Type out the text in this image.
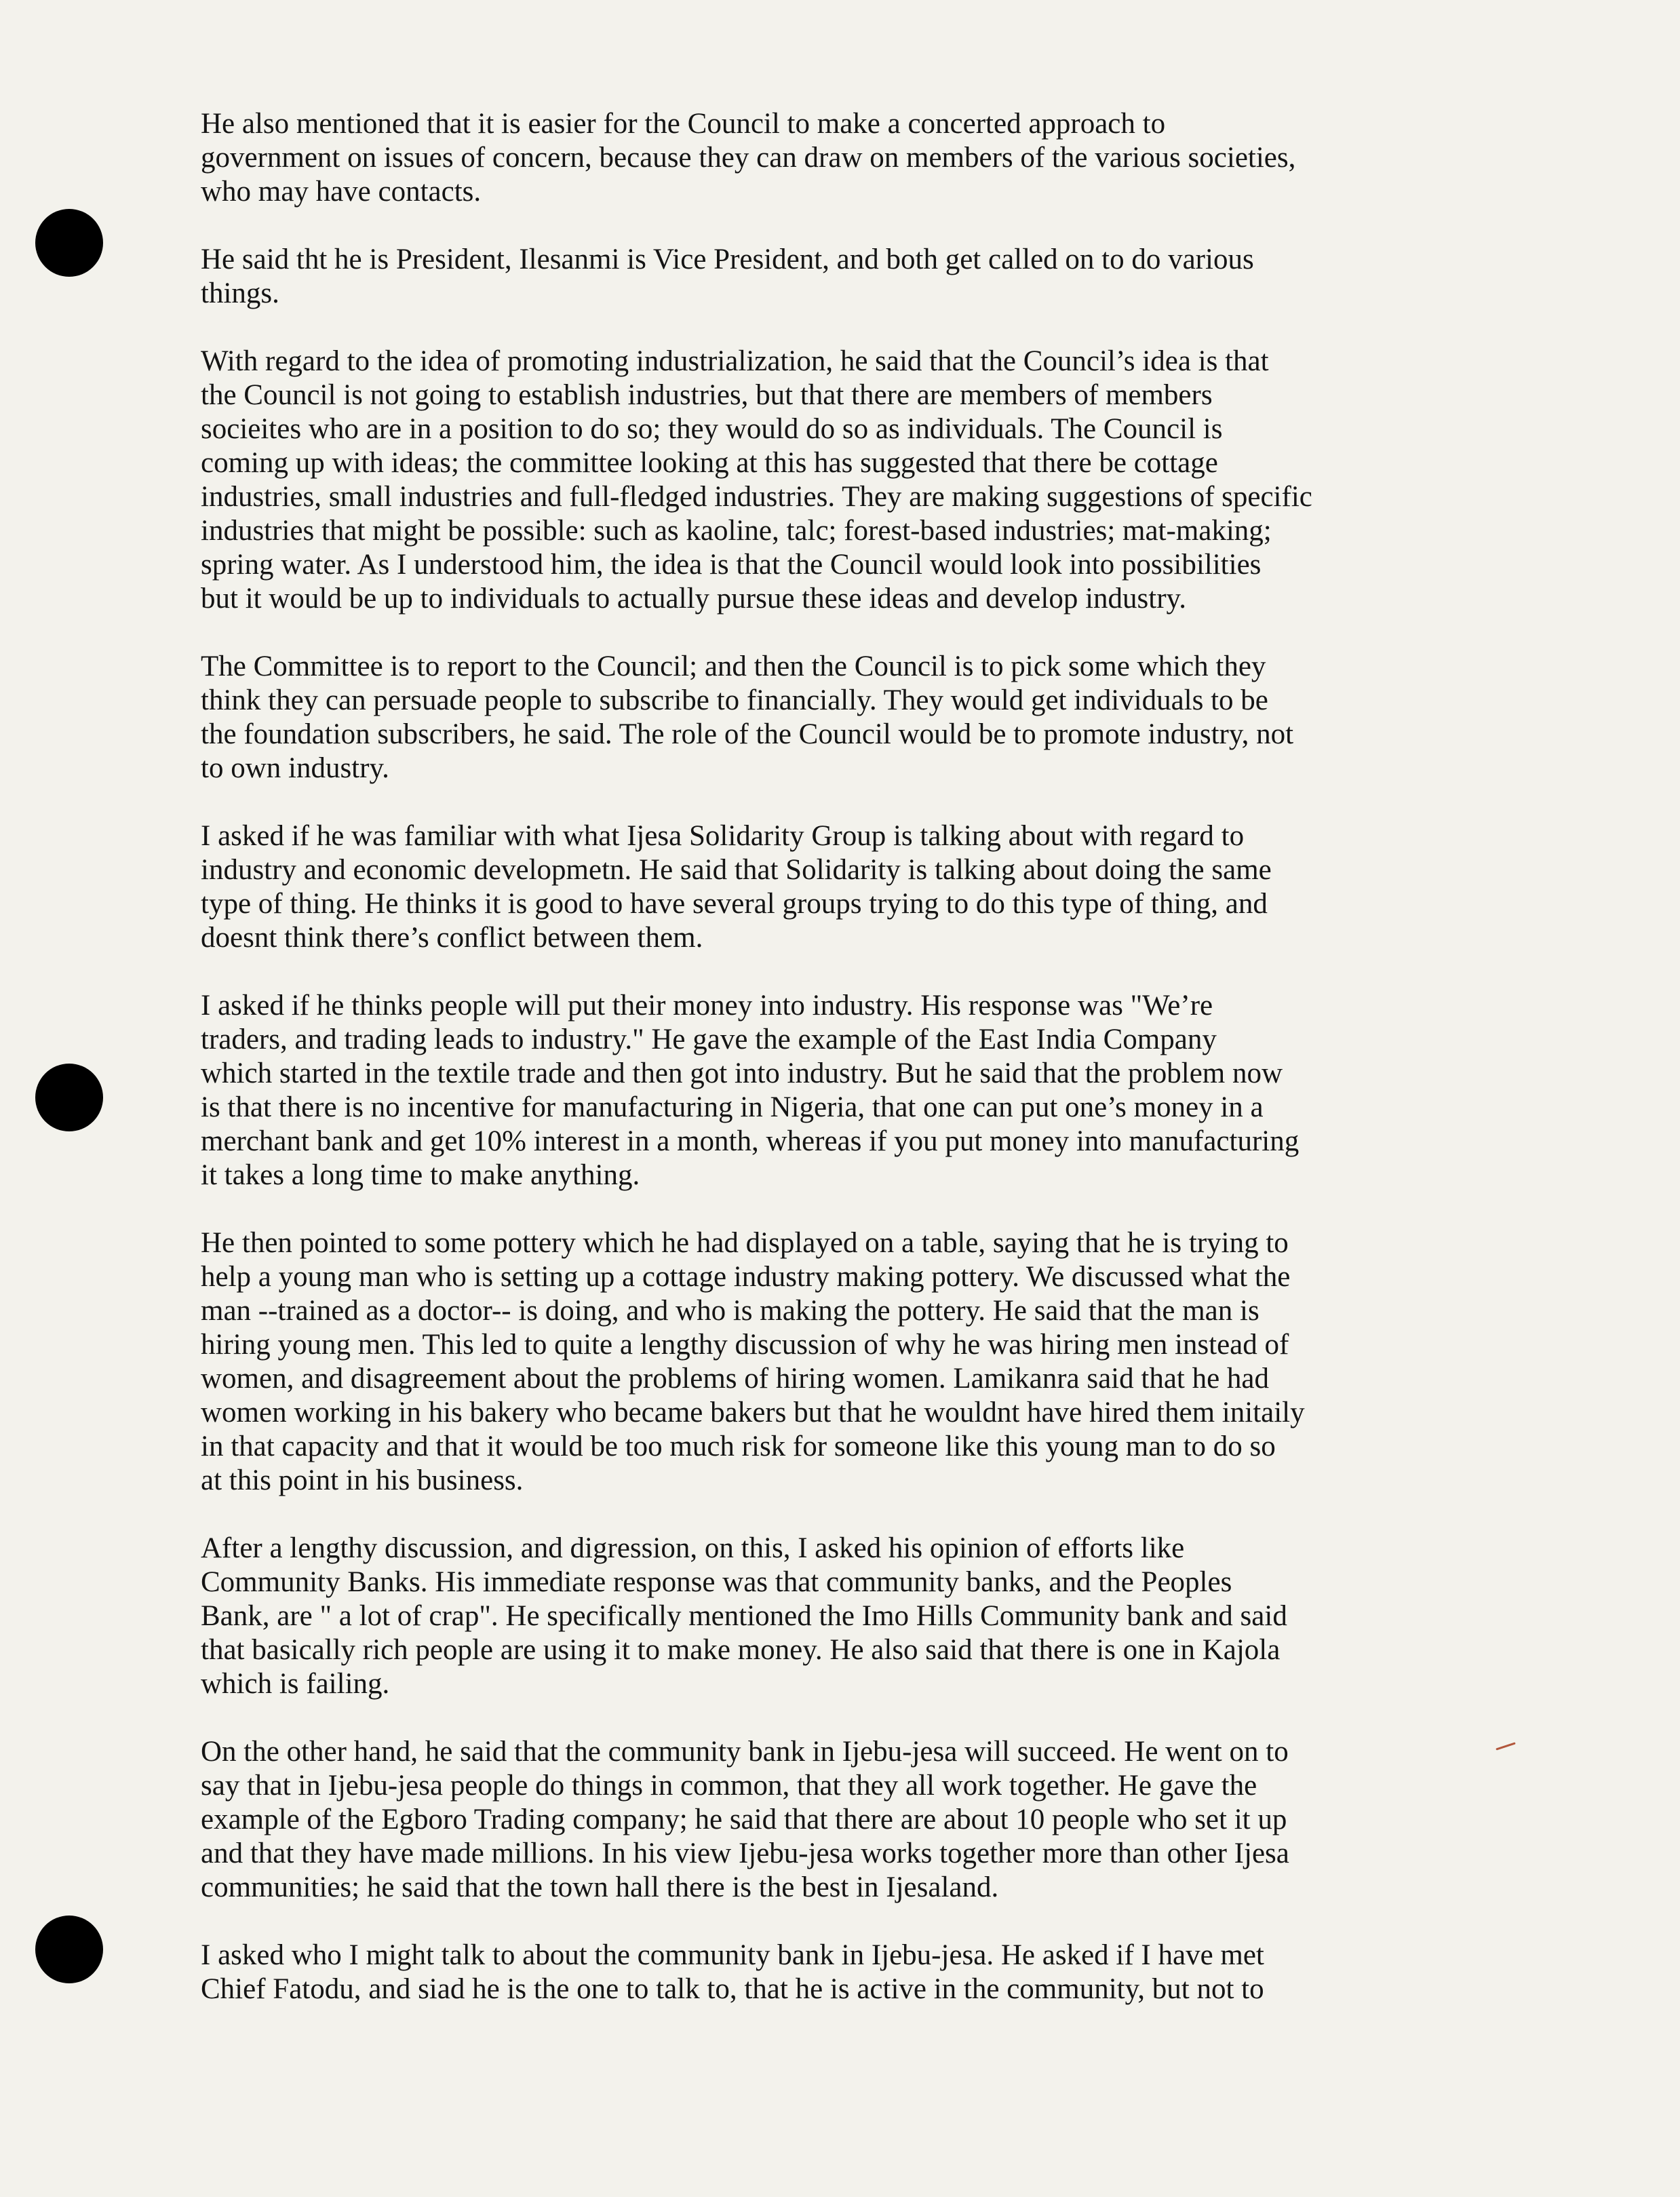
He also mentioned that it is easier for the Council to make a concerted approach to
government on issues of concern, because they can draw on members of the various societies,
who may have contacts.

He said tht he is President, Ilesanmi is Vice President, and both get called on to do various
things.

With regard to the idea of promoting industrialization, he said that the Council’s idea is that
the Council is not going to establish industries, but that there are members of members
socieites who are in a position to do so; they would do so as individuals. The Council is
coming up with ideas; the committee looking at this has suggested that there be cottage
industries, small industries and full-fledged industries. They are making suggestions of specific
industries that might be possible: such as kaoline, talc; forest-based industries; mat-making;
spring water. As I understood him, the idea is that the Council would look into possibilities
but it would be up to individuals to actually pursue these ideas and develop industry.

The Committee is to report to the Council; and then the Council is to pick some which they
think they can persuade people to subscribe to financially. They would get individuals to be
the foundation subscribers, he said. The role of the Council would be to promote industry, not
to own industry.

I asked if he was familiar with what Ijesa Solidarity Group is talking about with regard to
industry and economic developmetn. He said that Solidarity is talking about doing the same
type of thing. He thinks it is good to have several groups trying to do this type of thing, and
doesnt think there’s conflict between them.

I asked if he thinks people will put their money into industry. His response was "We’re
traders, and trading leads to industry." He gave the example of the East India Company
which started in the textile trade and then got into industry. But he said that the problem now
is that there is no incentive for manufacturing in Nigeria, that one can put one’s money in a
merchant bank and get 10% interest in a month, whereas if you put money into manufacturing
it takes a long time to make anything.

He then pointed to some pottery which he had displayed on a table, saying that he is trying to
help a young man who is setting up a cottage industry making pottery. We discussed what the
man --trained as a doctor-- is doing, and who is making the pottery. He said that the man is
hiring young men. This led to quite a lengthy discussion of why he was hiring men instead of
women, and disagreement about the problems of hiring women. Lamikanra said that he had
women working in his bakery who became bakers but that he wouldnt have hired them initaily
in that capacity and that it would be too much risk for someone like this young man to do so
at this point in his business.

After a lengthy discussion, and digression, on this, I asked his opinion of efforts like
Community Banks. His immediate response was that community banks, and the Peoples
Bank, are " a lot of crap". He specifically mentioned the Imo Hills Community bank and said
that basically rich people are using it to make money. He also said that there is one in Kajola
which is failing.

On the other hand, he said that the community bank in Ijebu-jesa will succeed. He went on to
say that in Ijebu-jesa people do things in common, that they all work together. He gave the
example of the Egboro Trading company; he said that there are about 10 people who set it up
and that they have made millions. In his view Ijebu-jesa works together more than other Ijesa
communities; he said that the town hall there is the best in Ijesaland.

I asked who I might talk to about the community bank in Ijebu-jesa. He asked if I have met
Chief Fatodu, and siad he is the one to talk to, that he is active in the community, but not to
